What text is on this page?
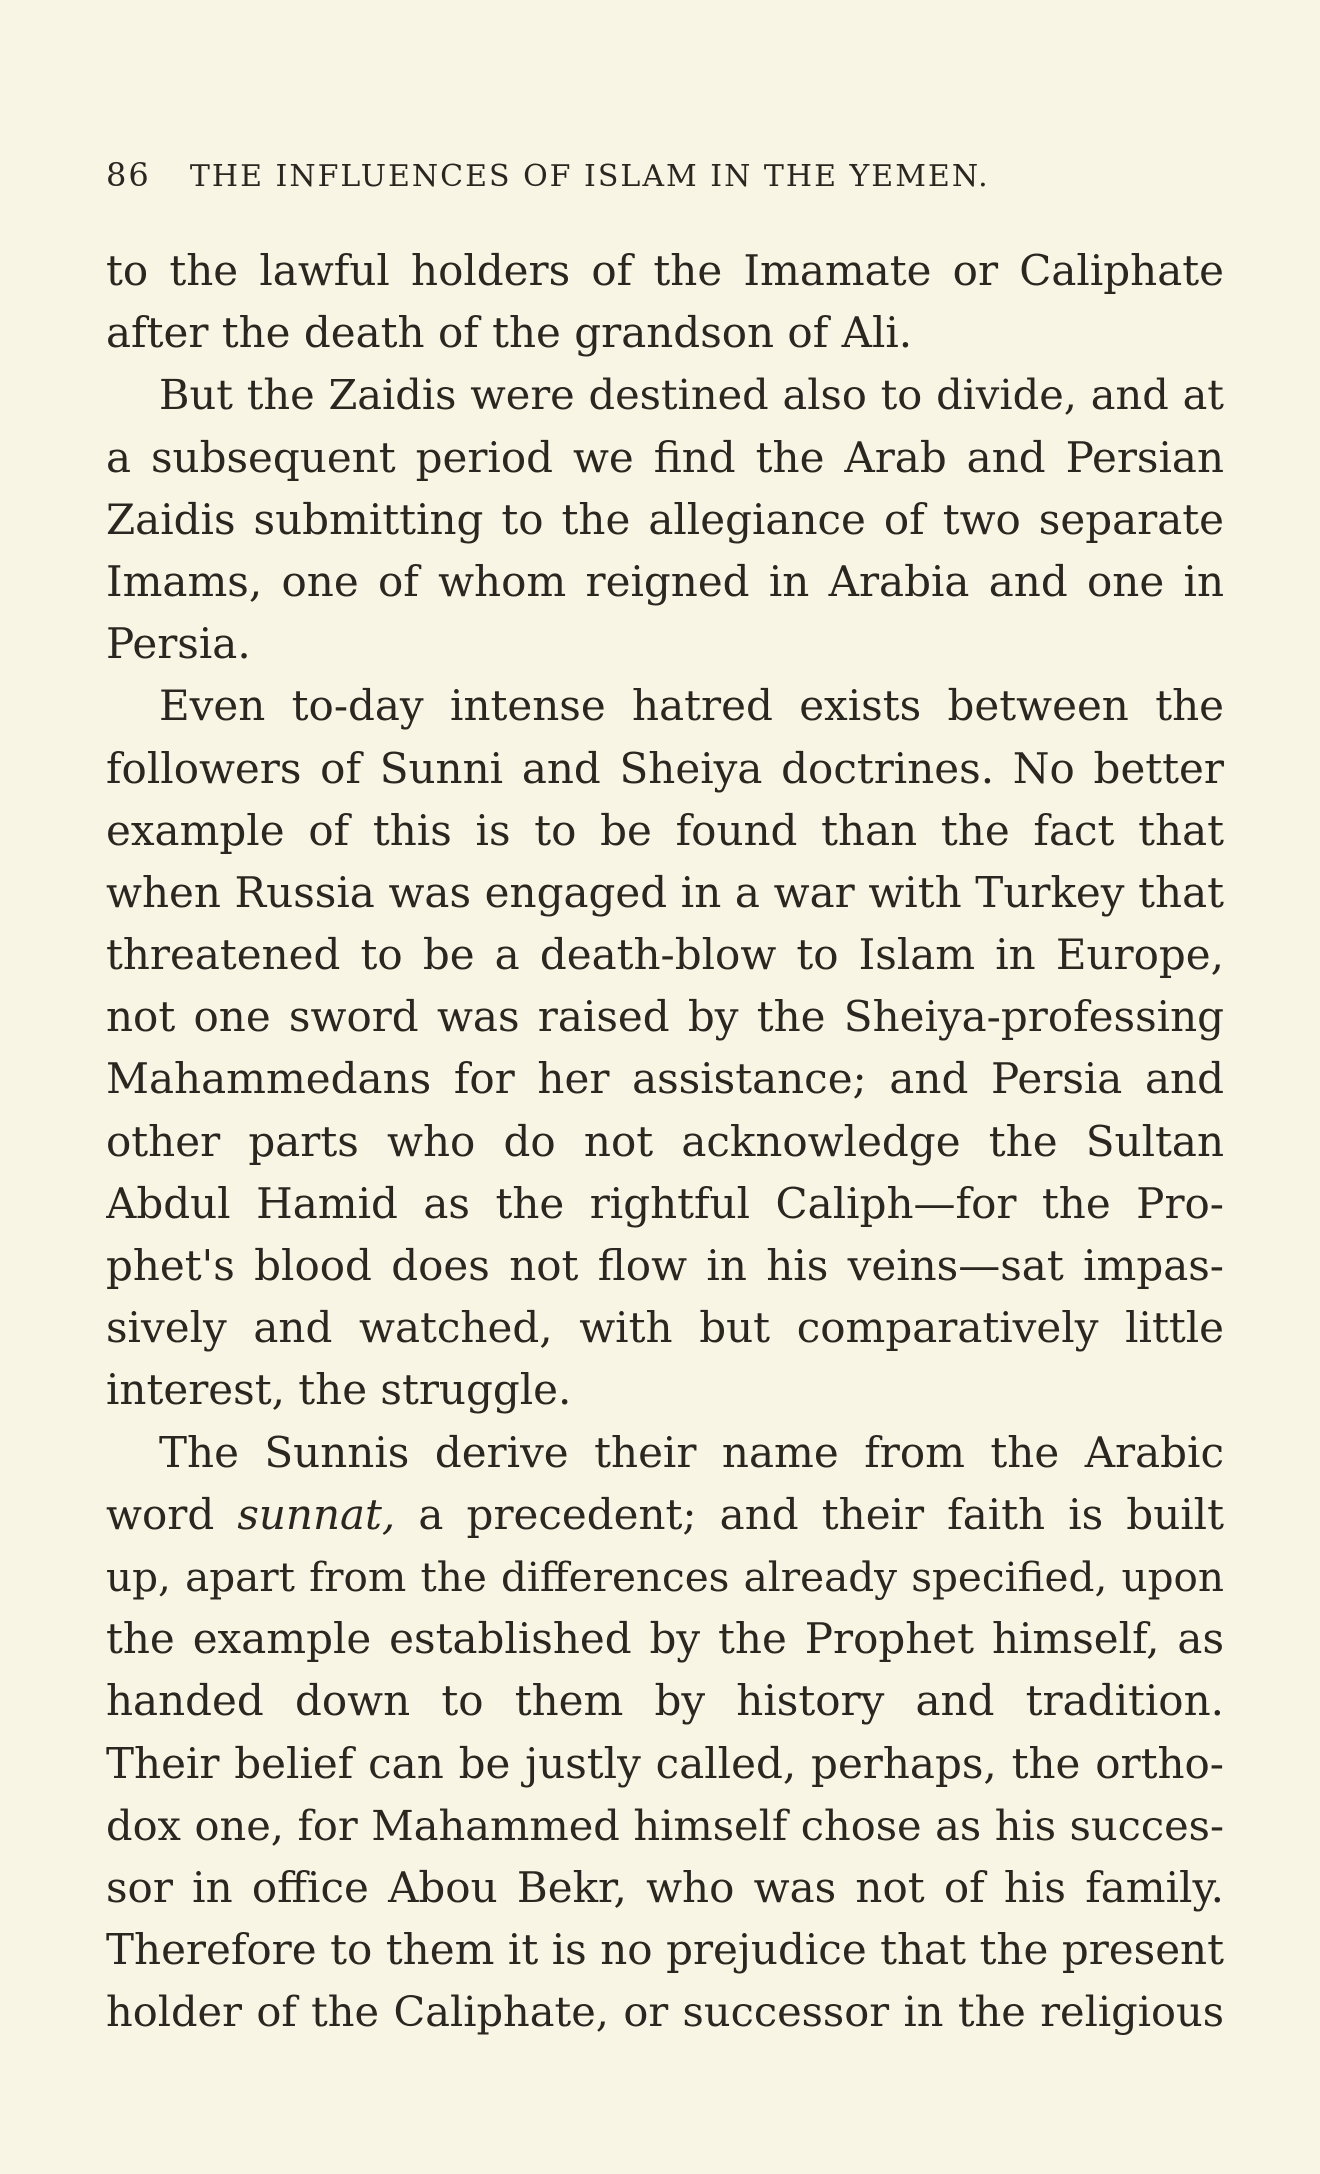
86 THE INFLUENCES OF ISLAM IN THE YEMEN.
to the lawful holders of the Imamate or Caliphate
after the death of the grandson of Ali.
But the Zaidis were destined also to divide, and at
a subsequent period we find the Arab and Persian
Zaidis submitting to the allegiance of two separate
Imams, one of whom reigned in Arabia and one in
Persia.
Even to-day intense hatred exists between the
followers of Sunni and Sheiya doctrines. No better
example of this is to be found than the fact that
when Russia was engaged in a war with Turkey that
threatened to be a death-blow to Islam in Europe,
not one sword was raised by the Sheiya-professing
Mahammedans for her assistance; and Persia and
other parts who do not acknowledge the Sultan
Abdul Hamid as the rightful Caliph—for the Pro-
phet's blood does not flow in his veins—sat impas-
sively and watched, with but comparatively little
interest, the struggle.
The Sunnis derive their name from the Arabic
word sunnat, a precedent; and their faith is built
up, apart from the differences already specified, upon
the example established by the Prophet himself, as
handed down to them by history and tradition.
Their belief can be justly called, perhaps, the ortho-
dox one, for Mahammed himself chose as his succes-
sor in office Abou Bekr, who was not of his family.
Therefore to them it is no prejudice that the present
holder of the Caliphate, or successor in the religious
